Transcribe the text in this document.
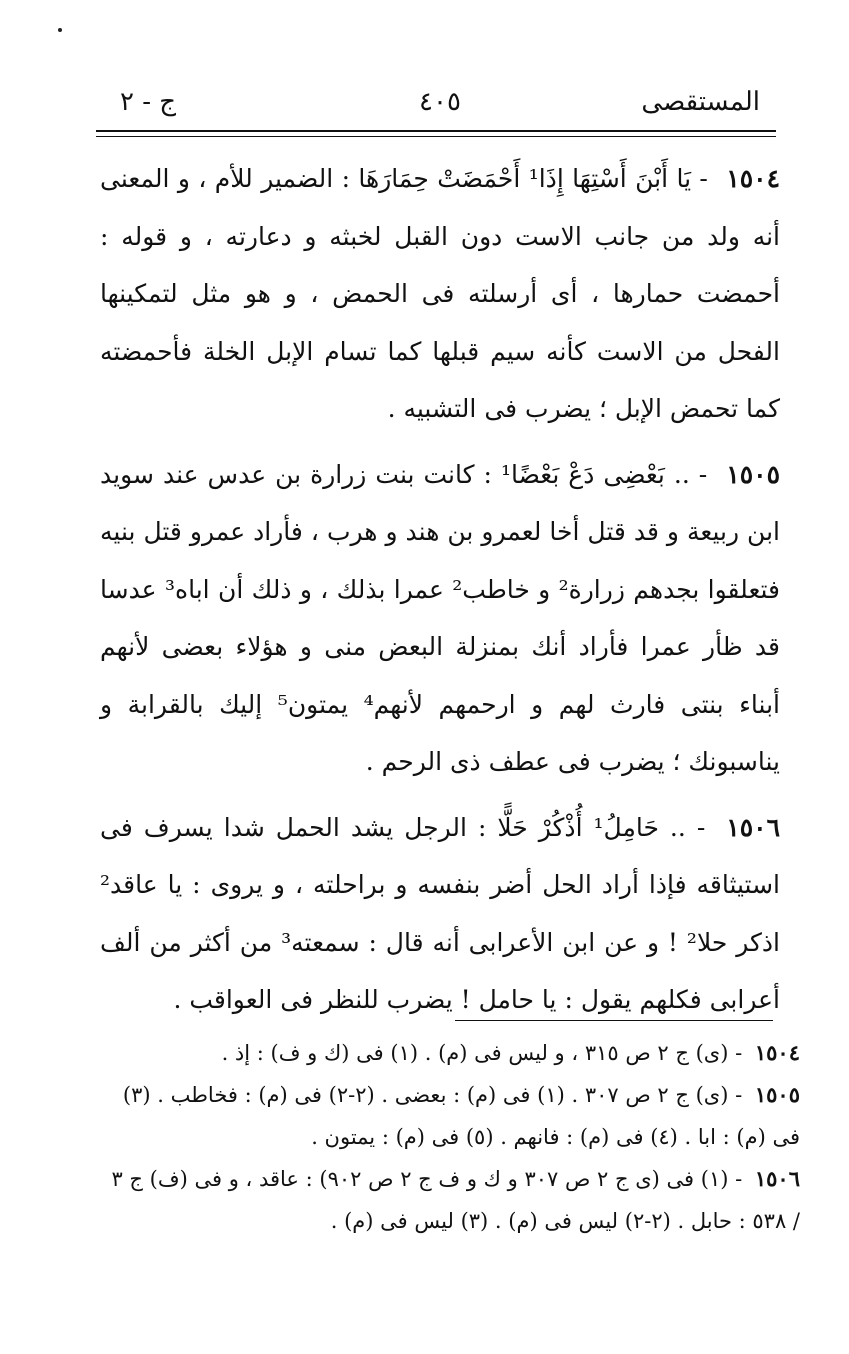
المستقصى
٤٠٥
ج - ٢

١٥٠٤ - يَا أَبْنَ أَسْتِهَا إِذَا¹ أَحْمَضَتْ حِمَارَهَا : الضمير للأم ، و المعنى أنه ولد من جانب الاست دون القبل لخبثه و دعارته ، و قوله : أحمضت حمارها ، أى أرسلته فى الحمض ، و هو مثل لتمكينها الفحل من الاست كأنه سيم قبلها كما تسام الإبل الخلة فأحمضته كما تحمض الإبل ؛ يضرب فى التشبيه .

١٥٠٥ - .. بَعْضِى دَعْ بَعْضًا¹ : كانت بنت زرارة بن عدس عند سويد ابن ربيعة و قد قتل أخا لعمرو بن هند و هرب ، فأراد عمرو قتل بنيه فتعلقوا بجدهم زرارة² و خاطب² عمرا بذلك ، و ذلك أن اباه³ عدسا قد ظأر عمرا فأراد أنك بمنزلة البعض منى و هؤلاء بعضى لأنهم أبناء بنتى فارث لهم و ارحمهم لأنهم⁴ يمتون⁵ إليك بالقرابة و يناسبونك ؛ يضرب فى عطف ذى الرحم .

١٥٠٦ - .. حَامِلُ¹ أُذْكُرْ حَلًّا : الرجل يشد الحمل شدا يسرف فى استيثاقه فإذا أراد الحل أضر بنفسه و براحلته ، و يروى : يا عاقد² اذكر حلا² ! و عن ابن الأعرابى أنه قال : سمعته³ من أكثر من ألف أعرابى فكلهم يقول : يا حامل ! يضرب للنظر فى العواقب .

١٥٠٤ - (ى) ج ٢ ص ٣١٥ ، و ليس فى (م) . (١) فى (ك و ف) : إذ .

١٥٠٥ - (ى) ج ٢ ص ٣٠٧ . (١) فى (م) : بعضى . (٢-٢) فى (م) : فخاطب . (٣) فى (م) : ابا . (٤) فى (م) : فانهم . (٥) فى (م) : يمتون .

١٥٠٦ - (١) فى (ى ج ٢ ص ٣٠٧ و ك و ف ج ٢ ص ٩٠٢) : عاقد ، و فى (ف) ج ٣ / ٥٣٨ : حابل . (٢-٢) ليس فى (م) . (٣) ليس فى (م) .
